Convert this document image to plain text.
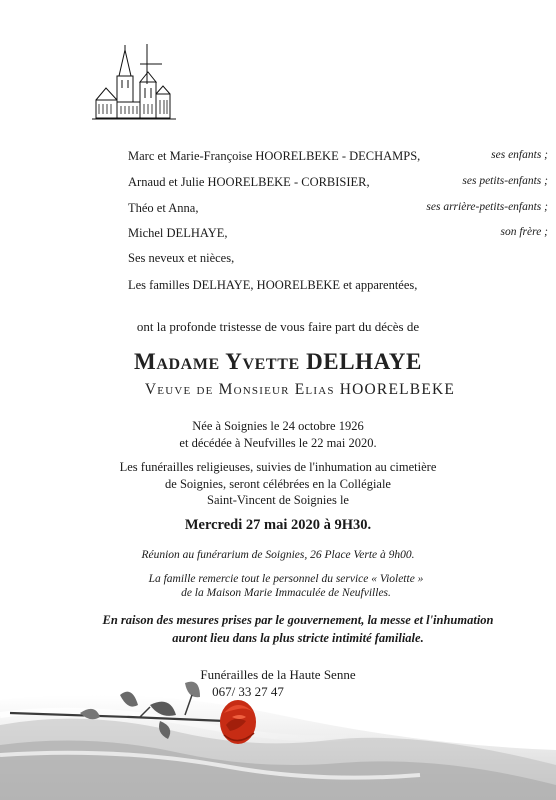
Marc et Marie-Françoise HOORELBEKE - DECHAMPS,	ses enfants ;
Arnaud et Julie HOORELBEKE - CORBISIER,	ses petits-enfants ;
Théo et Anna,	ses arrière-petits-enfants ;
Michel DELHAYE,	son frère ;
Ses neveux et nièces,
Les familles DELHAYE, HOORELBEKE et apparentées,
ont la profonde tristesse de vous faire part du décès de
Madame Yvette DELHAYE
Veuve de Monsieur Elias HOORELBEKE
Née à Soignies le 24 octobre 1926
et décédée à Neufvilles le 22 mai 2020.
Les funérailles religieuses, suivies de l'inhumation au cimetière
de Soignies, seront célébrées en la Collégiale
Saint-Vincent de Soignies le
Mercredi 27 mai 2020 à 9H30.
Réunion au funérarium de Soignies, 26 Place Verte à 9h00.
La famille remercie tout le personnel du service « Violette »
de la Maison Marie Immaculée de Neufvilles.
En raison des mesures prises par le gouvernement, la messe et l'inhumation
auront lieu dans la plus stricte intimité familiale.
Funérailles de la Haute Senne
067/ 33 27 47
